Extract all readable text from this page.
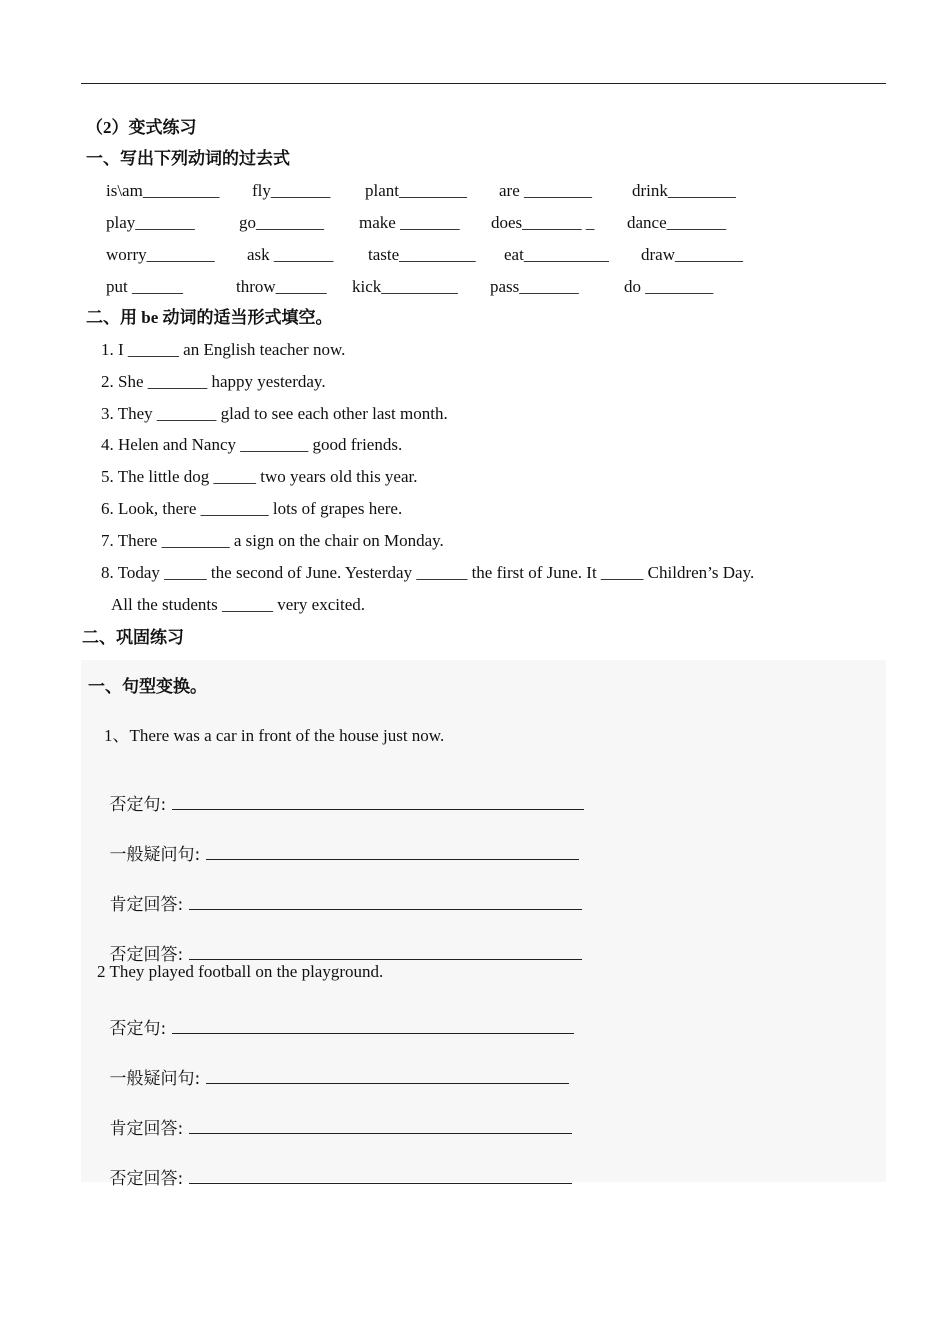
（2）变式练习
一、写出下列动词的过去式
is\am_________ fly_______ plant________ are ________ drink________
play_______	go________ make _______ does_______ _ dance_______
worry________ ask _______ taste_________ eat__________ draw________
put ______	throw______ kick_________ pass_______	do ________
二、用 be 动词的适当形式填空。
1. I ______ an English teacher now.
2. She _______ happy yesterday.
3. They _______ glad to see each other last month.
4. Helen and Nancy ________ good friends.
5. The little dog _____ two years old this year.
6. Look, there ________ lots of grapes here.
7. There ________ a sign on the chair on Monday.
8. Today _____ the second of June. Yesterday ______ the first of June. It _____ Children’s Day.
All the students ______ very excited.
二、巩固练习
一、句型变换。
1、There was a car in front of the house just now.

否定句:

一般疑问句:

肯定回答:

否定回答:

2 They played football on the playground.

否定句:

一般疑问句:

肯定回答:

否定回答:
